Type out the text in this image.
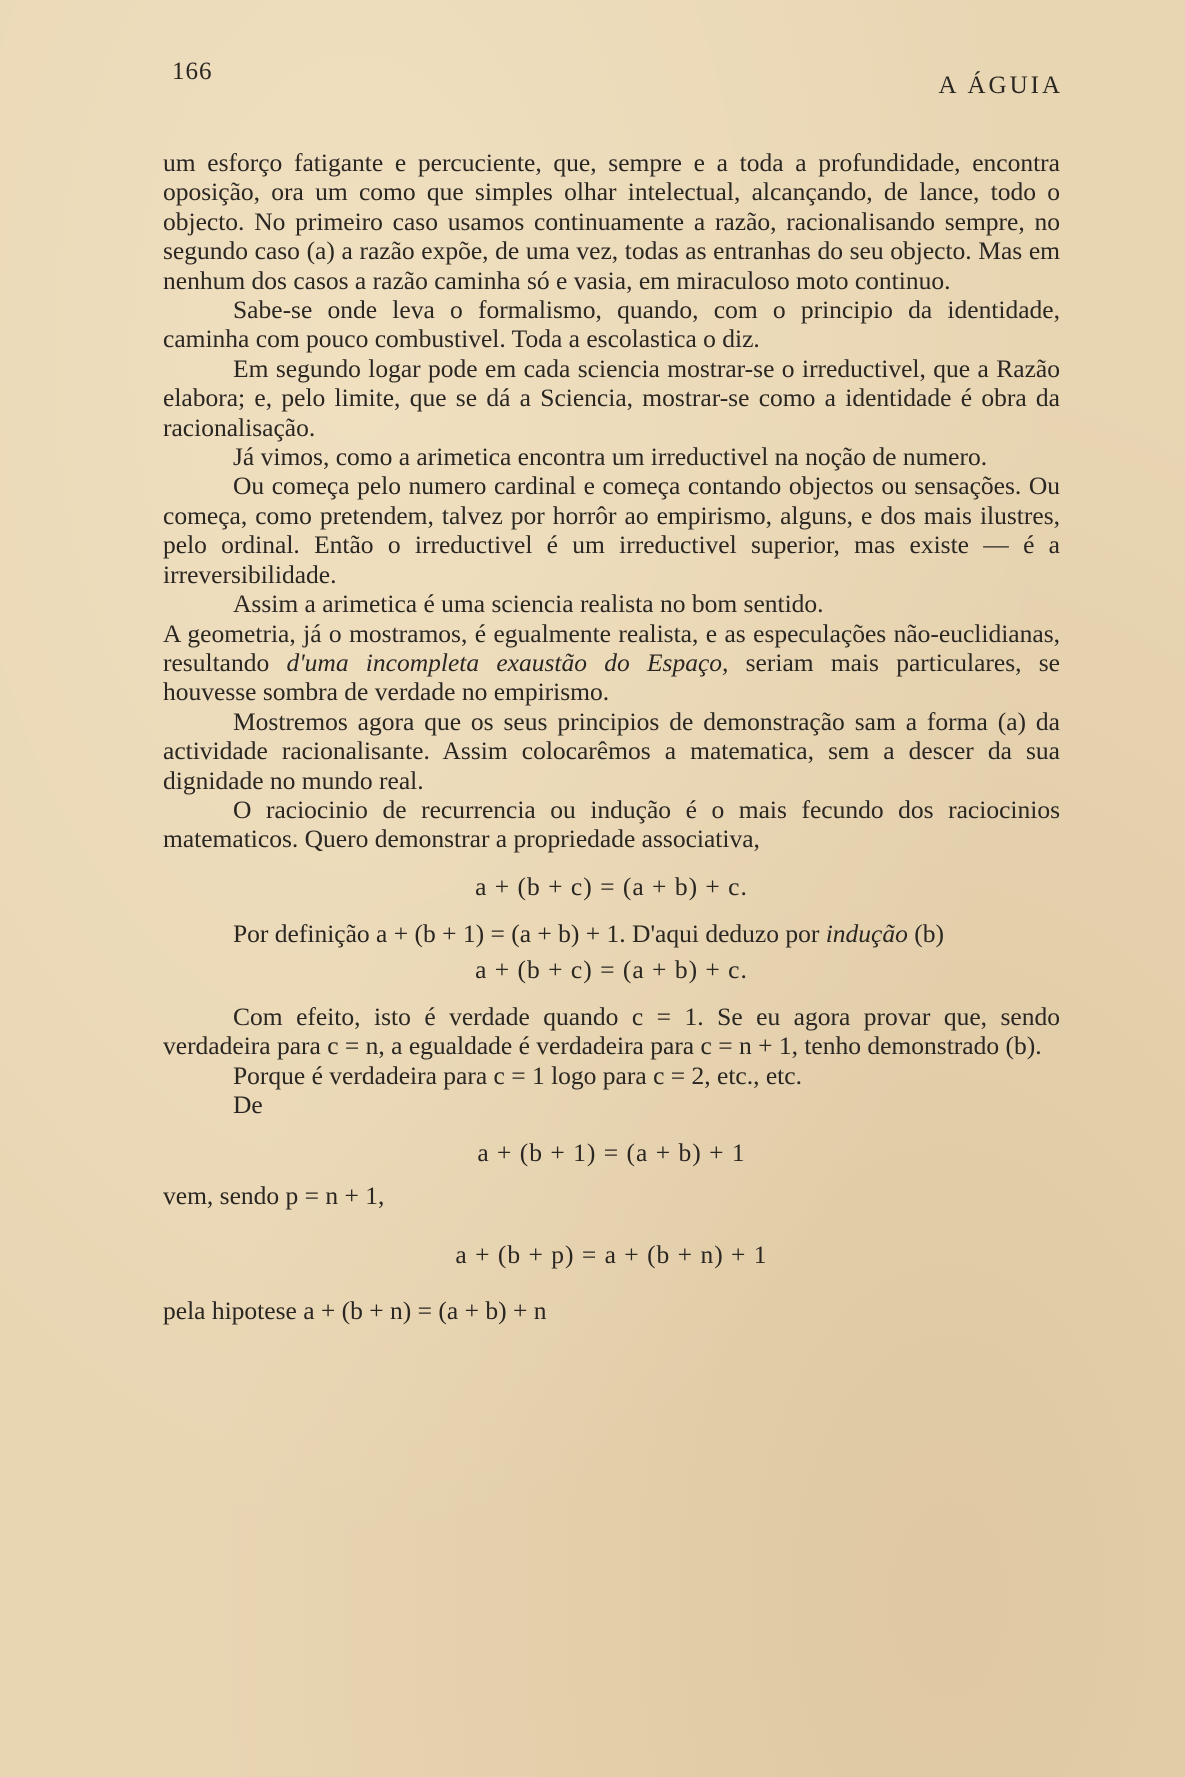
166
A ÁGUIA

um esforço fatigante e percuciente, que, sempre e a toda a profundidade, encontra oposição, ora um como que simples olhar intelectual, alcançando, de lance, todo o objecto. No primeiro caso usamos continuamente a razão, racionalisando sempre, no segundo caso (a) a razão expõe, de uma vez, todas as entranhas do seu objecto. Mas em nenhum dos casos a razão caminha só e vasia, em miraculoso moto continuo.

Sabe-se onde leva o formalismo, quando, com o principio da identidade, caminha com pouco combustivel. Toda a escolastica o diz.

Em segundo logar pode em cada sciencia mostrar-se o irreductivel, que a Razão elabora; e, pelo limite, que se dá a Sciencia, mostrar-se como a identidade é obra da racionalisação.

Já vimos, como a arimetica encontra um irreductivel na noção de numero.

Ou começa pelo numero cardinal e começa contando objectos ou sensações. Ou começa, como pretendem, talvez por horrôr ao empirismo, alguns, e dos mais ilustres, pelo ordinal. Então o irreductivel é um irreductivel superior, mas existe — é a irreversibilidade.

Assim a arimetica é uma sciencia realista no bom sentido.

A geometria, já o mostramos, é egualmente realista, e as especulações não-euclidianas, resultando d'uma incompleta exaustão do Espaço, seriam mais particulares, se houvesse sombra de verdade no empirismo.

Mostremos agora que os seus principios de demonstração sam a forma (a) da actividade racionalisante. Assim colocarêmos a matematica, sem a descer da sua dignidade no mundo real.

O raciocinio de recurrencia ou indução é o mais fecundo dos raciocinios matematicos. Quero demonstrar a propriedade associativa,

a + (b + c) = (a + b) + c.

Por definição a + (b + 1) = (a + b) + 1. D'aqui deduzo por indução (b)

a + (b + c) = (a + b) + c.

Com efeito, isto é verdade quando c = 1. Se eu agora provar que, sendo verdadeira para c = n, a egualdade é verdadeira para c = n + 1, tenho demonstrado (b).

Porque é verdadeira para c = 1 logo para c = 2, etc., etc.

De

a + (b + 1) = (a + b) + 1

vem, sendo p = n + 1,

a + (b + p) = a + (b + n) + 1

pela hipotese a + (b + n) = (a + b) + n
